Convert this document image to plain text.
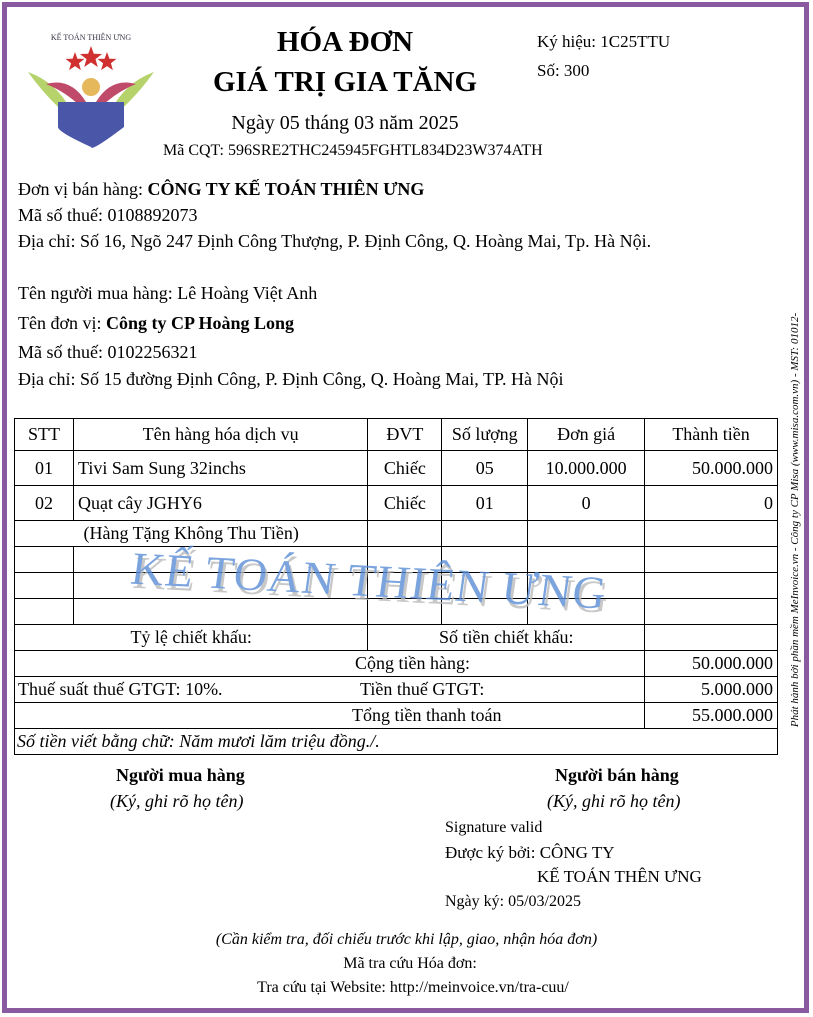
KẾ TOÁN THIÊN ƯNG	HÓA ĐƠN
GIÁ TRỊ GIA TĂNG
Ngày 05 tháng 03 năm 2025
Mã CQT: 596SRE2THC245945FGHTL834D23W374ATH
Ký hiệu: 1C25TTU
Số: 300
Đơn vị bán hàng: CÔNG TY KẾ TOÁN THIÊN ƯNG
Mã số thuế: 0108892073
Địa chỉ: Số 16, Ngõ 247 Định Công Thượng, P. Định Công, Q. Hoàng Mai, Tp. Hà Nội.
Tên người mua hàng: Lê Hoàng Việt Anh
Tên đơn vị: Công ty CP Hoàng Long
Mã số thuế: 0102256321
Địa chỉ: Số 15 đường Định Công, P. Định Công, Q. Hoàng Mai, TP. Hà Nội
STT	Tên hàng hóa dịch vụ	ĐVT	Số lượng	Đơn giá	Thành tiền
01	Tivi Sam Sung 32inchs	Chiếc	05	10.000.000	50.000.000
02	Quạt cây JGHY6	Chiếc	01	0	0
(Hàng Tặng Không Thu Tiền)					

Tỷ lệ chiết khấu:		Số tiền chiết khấu:			
Cộng tiền hàng:					50.000.000
Thuế suất thuế GTGT: 10%. Tiền thuế GTGT:					5.000.000
Tổng tiền thanh toán					55.000.000
Số tiền viết bằng chữ: Năm mươi lăm triệu đồng./.					
KẾ TOÁN THIÊN ƯNG
Người mua hàng
(Ký, ghi rõ họ tên)
Người bán hàng
(Ký, ghi rõ họ tên)
Signature valid
Được ký bởi: CÔNG TY
KẾ TOÁN THÊN ƯNG
Ngày ký: 05/03/2025
(Cần kiểm tra, đối chiếu trước khi lập, giao, nhận hóa đơn)
Mã tra cứu Hóa đơn:
Tra cứu tại Website: http://meinvoice.vn/tra-cuu/
Phát hành bởi phần mềm MeInvoice.vn - Công ty CP Misa (www.misa.com.vn) - MST: 01012-
